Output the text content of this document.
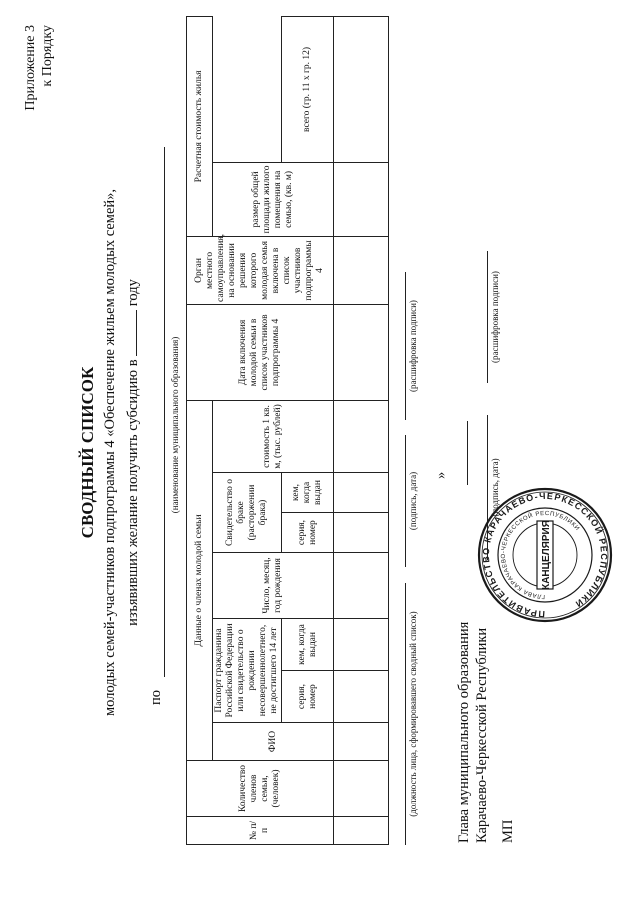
Приложение 3 к Порядку
СВОДНЫЙ СПИСОК молодых семей-участников подпрограммы 4 «Обеспечение жильем молодых семей», изъявивших желание получить субсидию в  году
по
(наименование муниципального образования)
№ п/п	Количество членов семьи, (человек)	Данные о членах молодой семьи							Дата включения молодой семьи в список участников подпрограммы 4	Орган местного самоуправления, на основании решения которого молодая семья включена в список участников подпрограммы 4	Расчетная стоимость жилья	
		ФИО	Паспорт гражданина Российской Федерации или свидетельство о рождении несовершеннолетнего, не достигшего 14 лет		Число, месяц, год рождения	Свидетельство о браке (расторжении брака)		стоимость 1 кв. м, (тыс. рублей)			размер общей площади жилого помещения на семью, (кв. м)	
			серия, номер	кем, когда выдан		серия, номер	кем, когда выдан					всего (гр. 11 х гр. 12)

(должность лица, сформировавшего сводный список)
(подпись, дата)
(расшифровка подписи)
Глава муниципального образования Карачаево-Черкесской Республики
»	(подпись, дата)
(расшифровка подписи)
МП
ПРАВИТЕЛЬСТВО КАРАЧАЕВО-ЧЕРКЕССКОЙ РЕСПУБЛИКИ
ГЛАВА КАРАЧАЕВО-ЧЕРКЕССКОЙ РЕСПУБЛИКИ
КАНЦЕЛЯРИЯ
